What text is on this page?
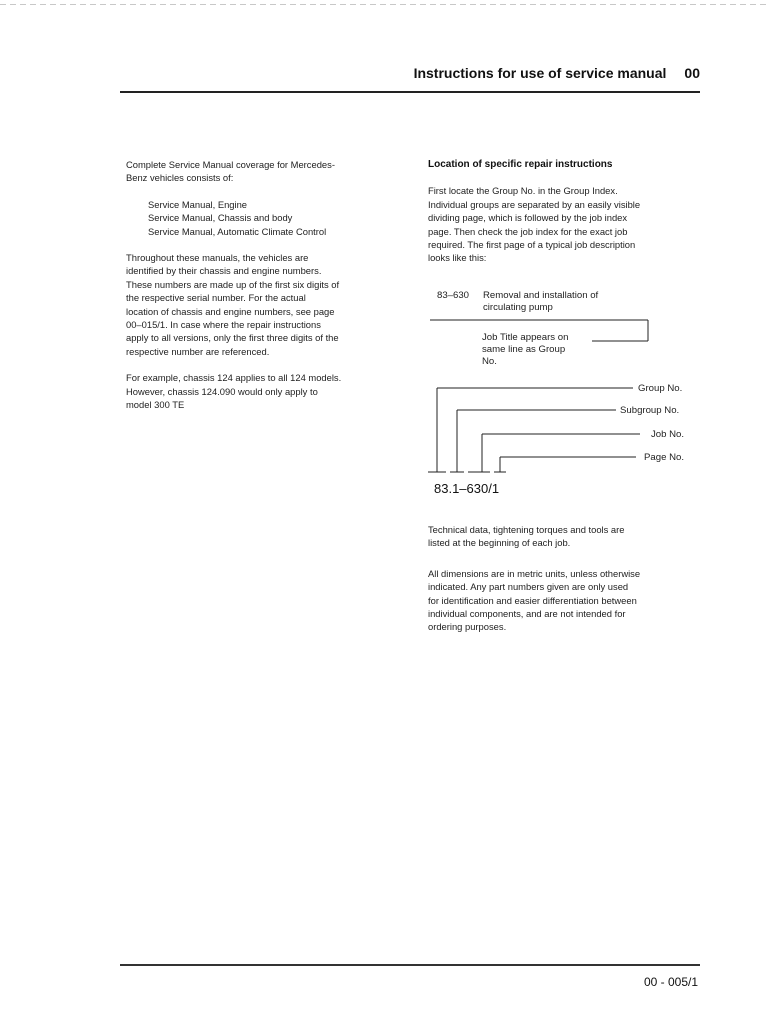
Instructions for use of service manual 00

Complete Service Manual coverage for Mercedes-

Benz vehicles consists of:

Service Manual, Engine

Service Manual, Chassis and body

Service Manual, Automatic Climate Control

Throughout these manuals, the vehicles are

identified by their chassis and engine numbers.

These numbers are made up of the first six digits of

the respective serial number. For the actual

location of chassis and engine numbers, see page

00–015/1. In case where the repair instructions

apply to all versions, only the first three digits of the

respective number are referenced.

For example, chassis 124 applies to all 124 models.

However, chassis 124.090 would only apply to

model 300 TE

Location of specific repair instructions

First locate the Group No. in the Group Index.

Individual groups are separated by an easily visible

dividing page, which is followed by the job index

page. Then check the job index for the exact job

required. The first page of a typical job description

looks like this:

83–630 Removal and installation of
circulating pump
Job Title appears on
same line as Group
No.
Group No.
Subgroup No.
Job No.
Page No.
83.1–630/1

Technical data, tightening torques and tools are

listed at the beginning of each job.

All dimensions are in metric units, unless otherwise

indicated. Any part numbers given are only used

for identification and easier differentiation between

individual components, and are not intended for

ordering purposes.

00 - 005/1
